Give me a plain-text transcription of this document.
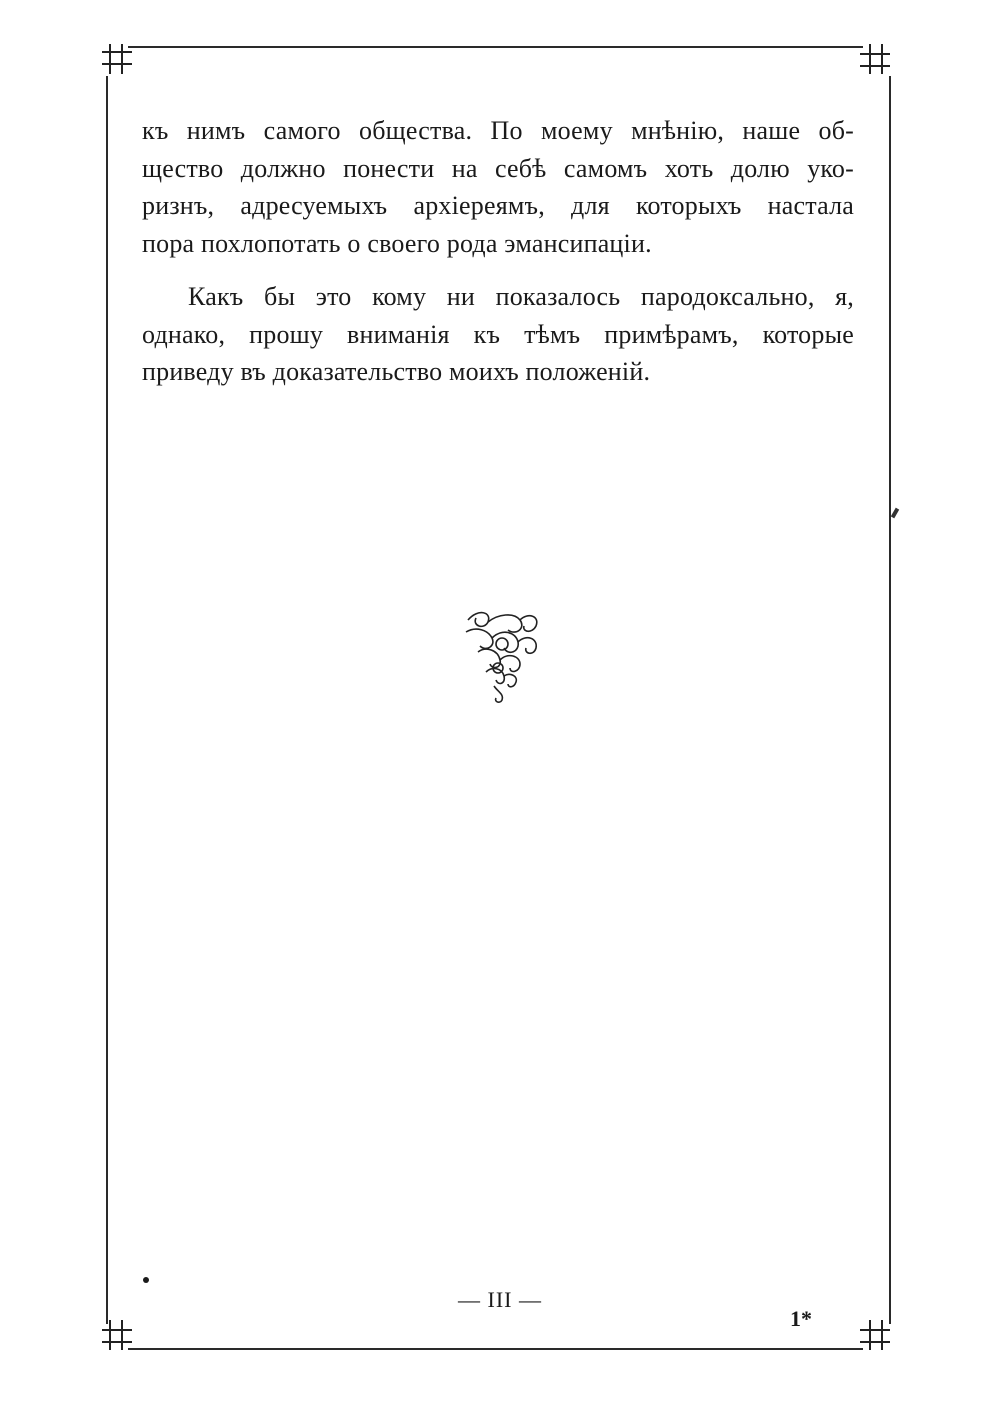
къ нимъ самого общества. По моему мнѣнію, наше об-
щество должно понести на себѣ самомъ хоть долю уко-
ризнъ, адресуемыхъ архіереямъ, для которыхъ настала
пора похлопотать о своего рода эмансипаціи.

Какъ бы это кому ни показалось пародоксально, я,
однако, прошу вниманія къ тѣмъ примѣрамъ, которые
приведу въ доказательство моихъ положеній.

— III —
1*
